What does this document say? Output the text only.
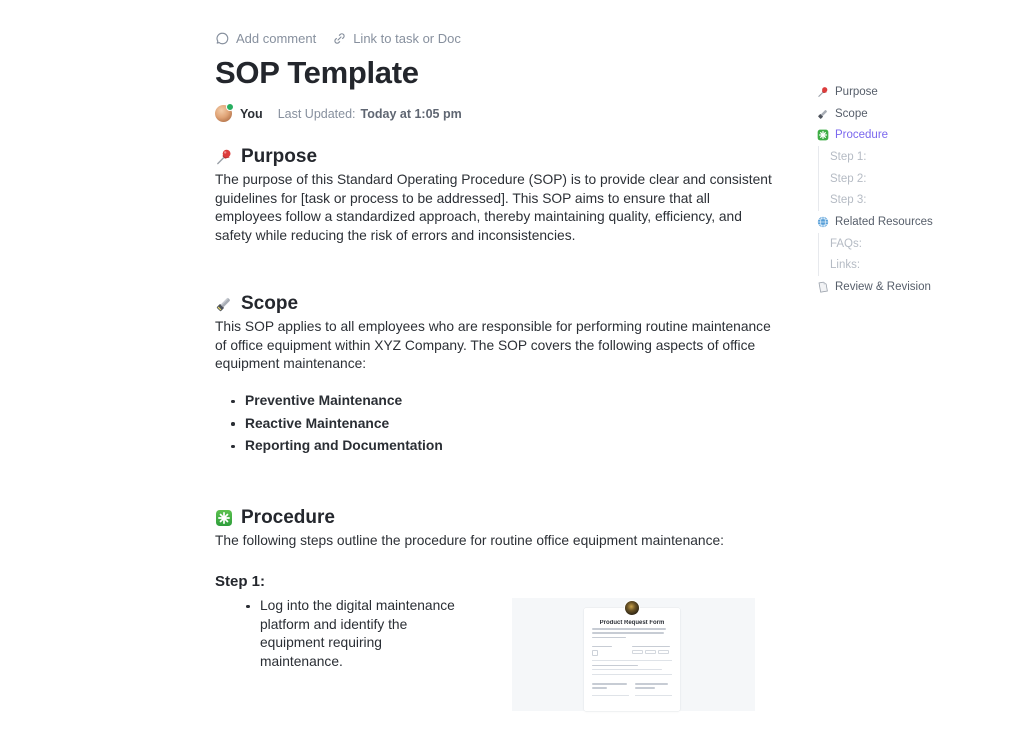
Add comment	Link to task or Doc
SOP Template
You Last Updated: Today at 1:05 pm
Purpose

The purpose of this Standard Operating Procedure (SOP) is to provide clear and consistent guidelines for [task or process to be addressed]. This SOP aims to ensure that all employees follow a standardized approach, thereby maintaining quality, efficiency, and safety while reducing the risk of errors and inconsistencies.

Scope

This SOP applies to all employees who are responsible for performing routine maintenance of office equipment within XYZ Company. The SOP covers the following aspects of office equipment maintenance:

Preventive Maintenance
Reactive Maintenance
Reporting and Documentation
Procedure

The following steps outline the procedure for routine office equipment maintenance:

Step 1:
Log into the digital maintenance platform and identify the equipment requiring maintenance.
Product Request Form
Purpose
Scope
Procedure
Step 1:
Step 2:
Step 3:
Related Resources
FAQs:
Links:
Review & Revision
